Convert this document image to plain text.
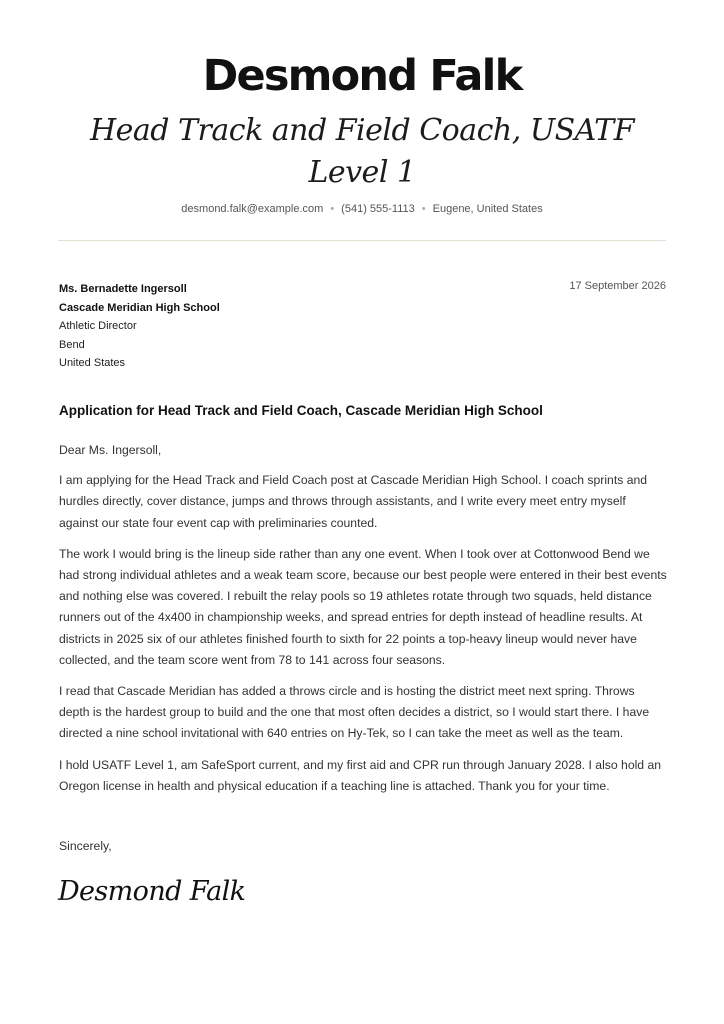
Desmond Falk
Head Track and Field Coach, USATF Level 1
desmond.falk@example.com • (541) 555-1113 • Eugene, United States
Ms. Bernadette Ingersoll
Cascade Meridian High School
Athletic Director
Bend
United States
17 September 2026
Application for Head Track and Field Coach, Cascade Meridian High School

Dear Ms. Ingersoll,

I am applying for the Head Track and Field Coach post at Cascade Meridian High School. I coach sprints and hurdles directly, cover distance, jumps and throws through assistants, and I write every meet entry myself against our state four event cap with preliminaries counted.

The work I would bring is the lineup side rather than any one event. When I took over at Cottonwood Bend we had strong individual athletes and a weak team score, because our best people were entered in their best events and nothing else was covered. I rebuilt the relay pools so 19 athletes rotate through two squads, held distance runners out of the 4x400 in championship weeks, and spread entries for depth instead of headline results. At districts in 2025 six of our athletes finished fourth to sixth for 22 points a top-heavy lineup would never have collected, and the team score went from 78 to 141 across four seasons.

I read that Cascade Meridian has added a throws circle and is hosting the district meet next spring. Throws depth is the hardest group to build and the one that most often decides a district, so I would start there. I have directed a nine school invitational with 640 entries on Hy-Tek, so I can take the meet as well as the team.

I hold USATF Level 1, am SafeSport current, and my first aid and CPR run through January 2028. I also hold an Oregon license in health and physical education if a teaching line is attached. Thank you for your time.

Sincerely,
Desmond Falk
